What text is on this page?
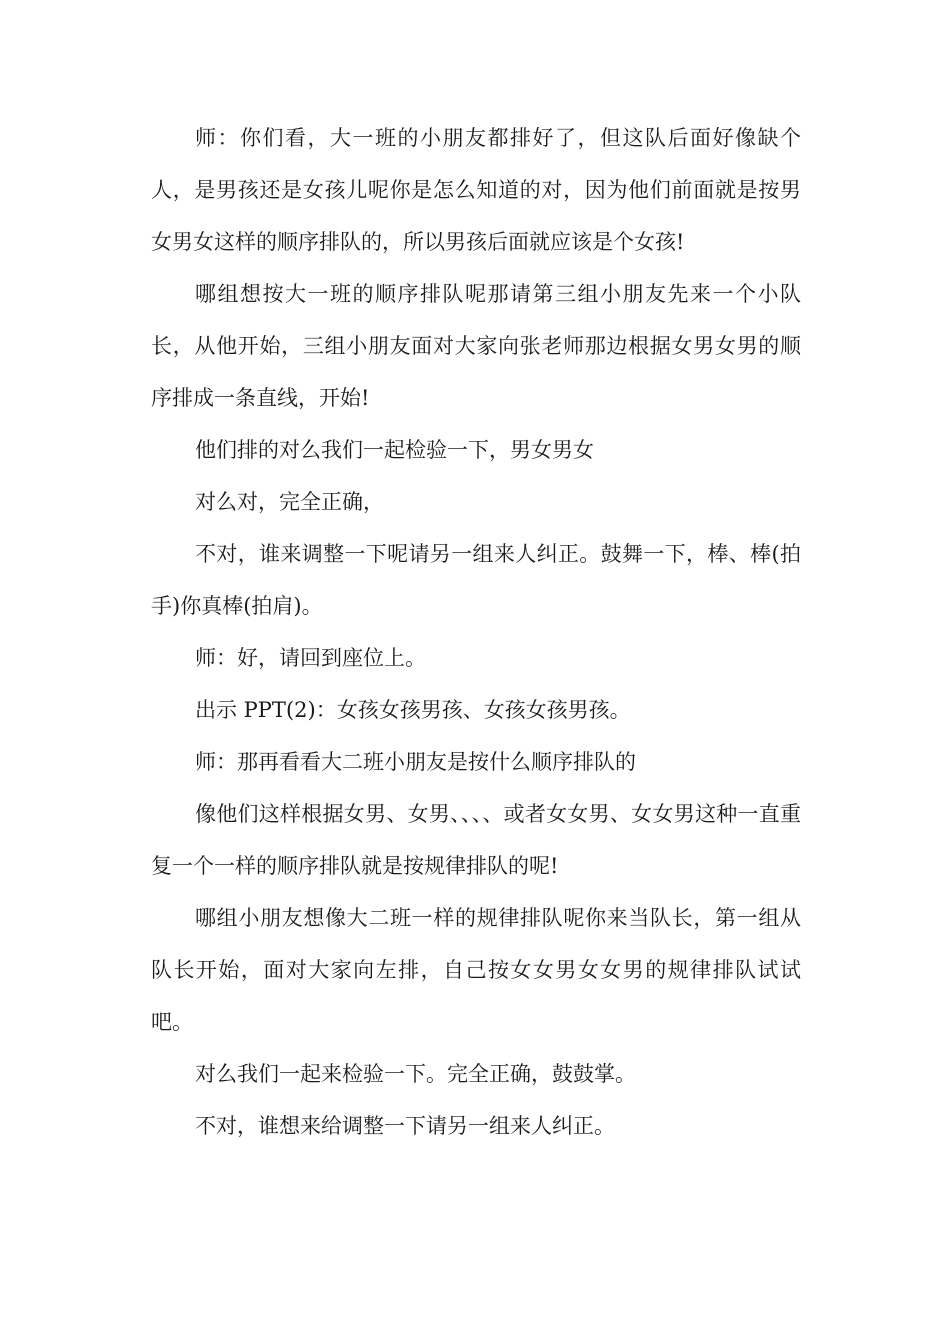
师：你们看，大一班的小朋友都排好了，但这队后面好像缺个人，是男孩还是女孩儿呢你是怎么知道的对，因为他们前面就是按男女男女这样的顺序排队的，所以男孩后面就应该是个女孩!

哪组想按大一班的顺序排队呢那请第三组小朋友先来一个小队长，从他开始，三组小朋友面对大家向张老师那边根据女男女男的顺序排成一条直线，开始!

他们排的对么我们一起检验一下，男女男女

对么对，完全正确，

不对，谁来调整一下呢请另一组来人纠正。鼓舞一下，棒、棒(拍手)你真棒(拍肩)。

师：好，请回到座位上。

出示 PPT(2)：女孩女孩男孩、女孩女孩男孩。

师：那再看看大二班小朋友是按什么顺序排队的

像他们这样根据女男、女男、、、、或者女女男、女女男这种一直重复一个一样的顺序排队就是按规律排队的呢!

哪组小朋友想像大二班一样的规律排队呢你来当队长，第一组从队长开始，面对大家向左排，自己按女女男女女男的规律排队试试吧。

对么我们一起来检验一下。完全正确，鼓鼓掌。

不对，谁想来给调整一下请另一组来人纠正。
